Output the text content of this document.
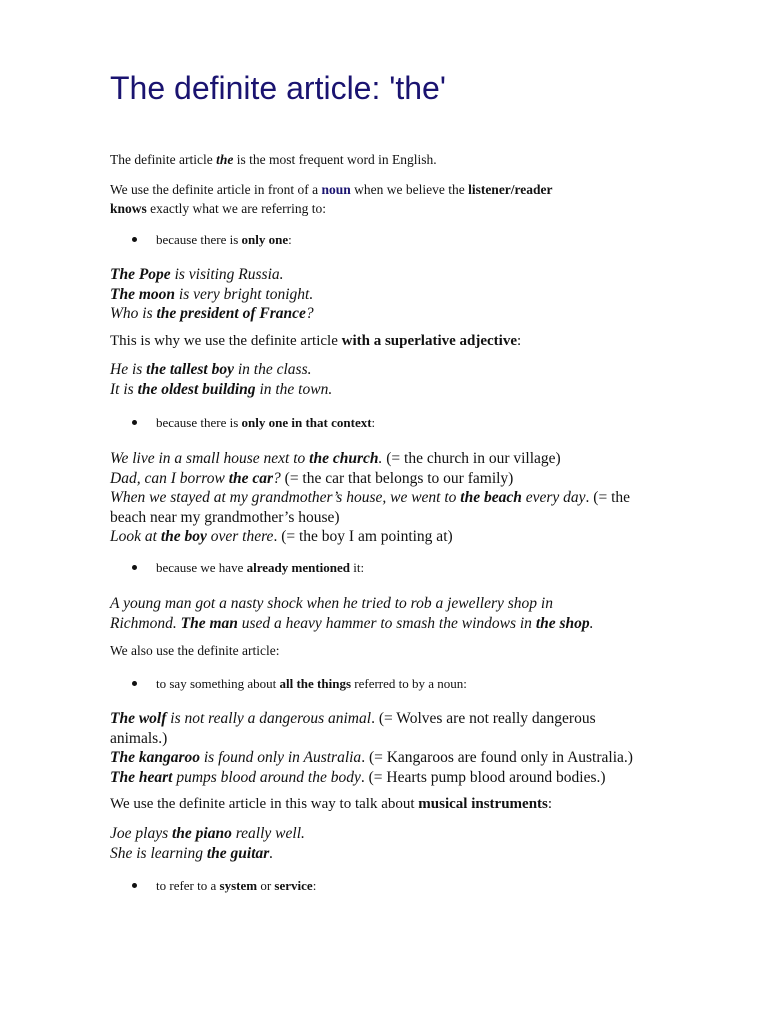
The definite article: 'the'

The definite article the is the most frequent word in English.

We use the definite article in front of a noun when we believe the listener/reader
knows exactly what we are referring to:

because there is only one:

The Pope is visiting Russia.
The moon is very bright tonight.
Who is the president of France?

This is why we use the definite article with a superlative adjective:

He is the tallest boy in the class.
It is the oldest building in the town.

because there is only one in that context:

We live in a small house next to the church. (= the church in our village)
Dad, can I borrow the car? (= the car that belongs to our family)
When we stayed at my grandmother’s house, we went to the beach every day. (= the
beach near my grandmother’s house)
Look at the boy over there. (= the boy I am pointing at)

because we have already mentioned it:

A young man got a nasty shock when he tried to rob a jewellery shop in
Richmond. The man used a heavy hammer to smash the windows in the shop.

We also use the definite article:

to say something about all the things referred to by a noun:

The wolf is not really a dangerous animal. (= Wolves are not really dangerous
animals.)
The kangaroo is found only in Australia. (= Kangaroos are found only in Australia.)
The heart pumps blood around the body. (= Hearts pump blood around bodies.)

We use the definite article in this way to talk about musical instruments:

Joe plays the piano really well.
She is learning the guitar.

to refer to a system or service:
